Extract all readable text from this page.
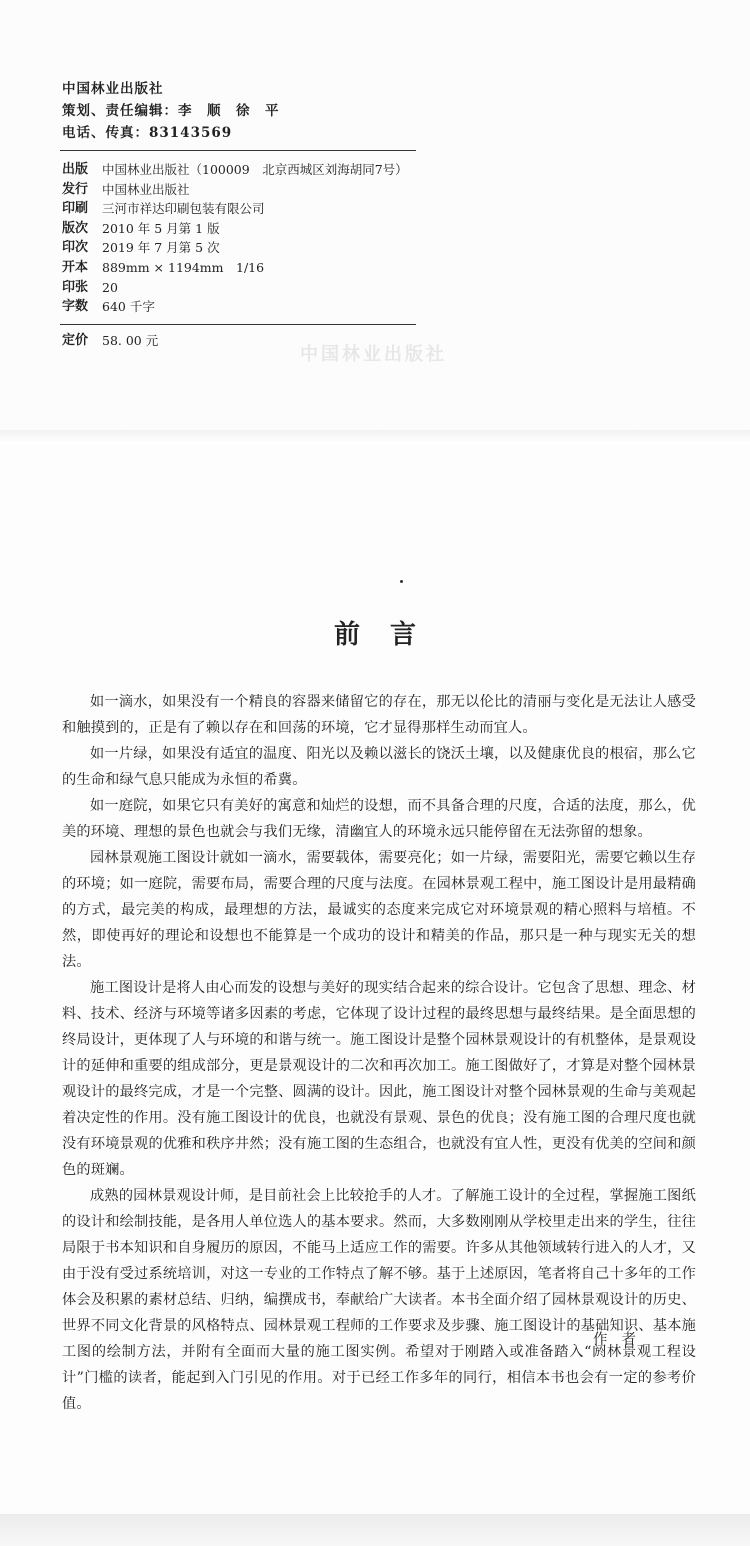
中国林业出版社
策划、责任编辑：李　顺　徐　平
电话、传真：83143569
出版	中国林业出版社（100009　北京西城区刘海胡同7号）
发行	中国林业出版社
印刷	三河市祥达印刷包装有限公司
版次	2010 年 5 月第 1 版
印次	2019 年 7 月第 5 次
开本	889mm × 1194mm　1/16
印张	20
字数	640 千字
定价	58. 00 元
中国林业出版社
前言

如一滴水，如果没有一个精良的容器来储留它的存在，那无以伦比的清丽与变化是无法让人感受和触摸到的，正是有了赖以存在和回荡的环境，它才显得那样生动而宜人。

如一片绿，如果没有适宜的温度、阳光以及赖以滋长的饶沃土壤，以及健康优良的根宿，那么它的生命和绿气息只能成为永恒的希冀。

如一庭院，如果它只有美好的寓意和灿烂的设想，而不具备合理的尺度，合适的法度，那么，优美的环境、理想的景色也就会与我们无缘，清幽宜人的环境永远只能停留在无法弥留的想象。

园林景观施工图设计就如一滴水，需要载体，需要亮化；如一片绿，需要阳光，需要它赖以生存的环境；如一庭院，需要布局，需要合理的尺度与法度。在园林景观工程中，施工图设计是用最精确的方式，最完美的构成，最理想的方法，最诚实的态度来完成它对环境景观的精心照料与培植。不然，即使再好的理论和设想也不能算是一个成功的设计和精美的作品，那只是一种与现实无关的想法。

施工图设计是将人由心而发的设想与美好的现实结合起来的综合设计。它包含了思想、理念、材料、技术、经济与环境等诸多因素的考虑，它体现了设计过程的最终思想与最终结果。是全面思想的终局设计，更体现了人与环境的和谐与统一。施工图设计是整个园林景观设计的有机整体，是景观设计的延伸和重要的组成部分，更是景观设计的二次和再次加工。施工图做好了，才算是对整个园林景观设计的最终完成，才是一个完整、圆满的设计。因此，施工图设计对整个园林景观的生命与美观起着决定性的作用。没有施工图设计的优良，也就没有景观、景色的优良；没有施工图的合理尺度也就没有环境景观的优雅和秩序井然；没有施工图的生态组合，也就没有宜人性，更没有优美的空间和颜色的斑斓。

成熟的园林景观设计师，是目前社会上比较抢手的人才。了解施工设计的全过程，掌握施工图纸的设计和绘制技能，是各用人单位选人的基本要求。然而，大多数刚刚从学校里走出来的学生，往往局限于书本知识和自身履历的原因，不能马上适应工作的需要。许多从其他领域转行进入的人才，又由于没有受过系统培训，对这一专业的工作特点了解不够。基于上述原因，笔者将自己十多年的工作体会及积累的素材总结、归纳，编撰成书，奉献给广大读者。本书全面介绍了园林景观设计的历史、世界不同文化背景的风格特点、园林景观工程师的工作要求及步骤、施工图设计的基础知识、基本施工图的绘制方法，并附有全面而大量的施工图实例。希望对于刚踏入或准备踏入“阏林景观工程设计”门槛的读者，能起到入门引见的作用。对于已经工作多年的同行，相信本书也会有一定的参考价值。

作者
